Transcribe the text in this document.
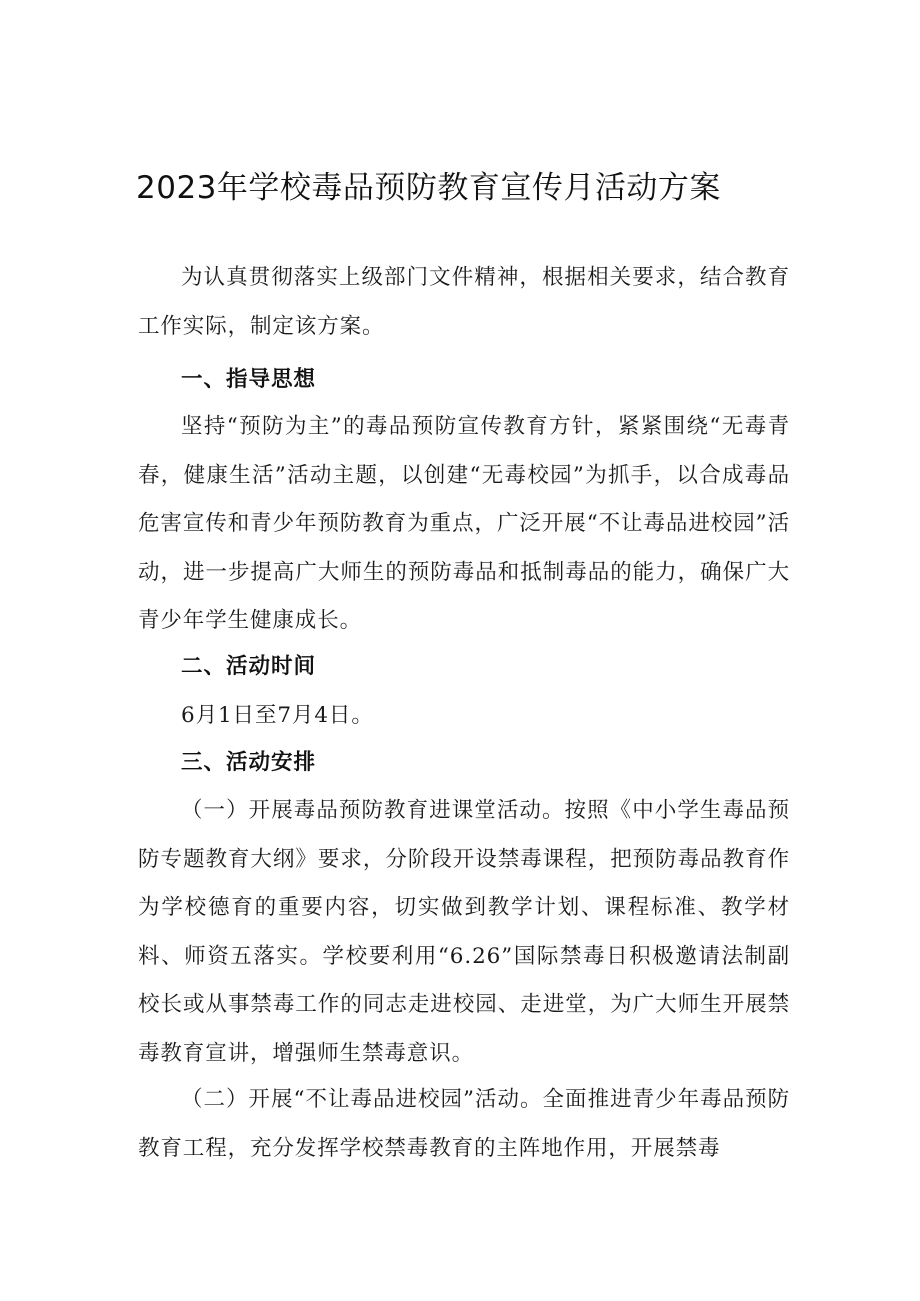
2023年学校毒品预防教育宣传月活动方案

为认真贯彻落实上级部门文件精神，根据相关要求，结合教育工作实际，制定该方案。

一、指导思想

坚持“预防为主”的毒品预防宣传教育方针，紧紧围绕“无毒青春，健康生活”活动主题，以创建“无毒校园”为抓手，以合成毒品危害宣传和青少年预防教育为重点，广泛开展“不让毒品进校园”活动，进一步提高广大师生的预防毒品和抵制毒品的能力，确保广大青少年学生健康成长。

二、活动时间

6月1日至7月4日。

三、活动安排

（一）开展毒品预防教育进课堂活动。按照《中小学生毒品预防专题教育大纲》要求，分阶段开设禁毒课程，把预防毒品教育作为学校德育的重要内容，切实做到教学计划、课程标准、教学材料、师资五落实。学校要利用“6.26”国际禁毒日积极邀请法制副校长或从事禁毒工作的同志走进校园、走进堂，为广大师生开展禁毒教育宣讲，增强师生禁毒意识。

（二）开展“不让毒品进校园”活动。全面推进青少年毒品预防教育工程，充分发挥学校禁毒教育的主阵地作用，开展禁毒
